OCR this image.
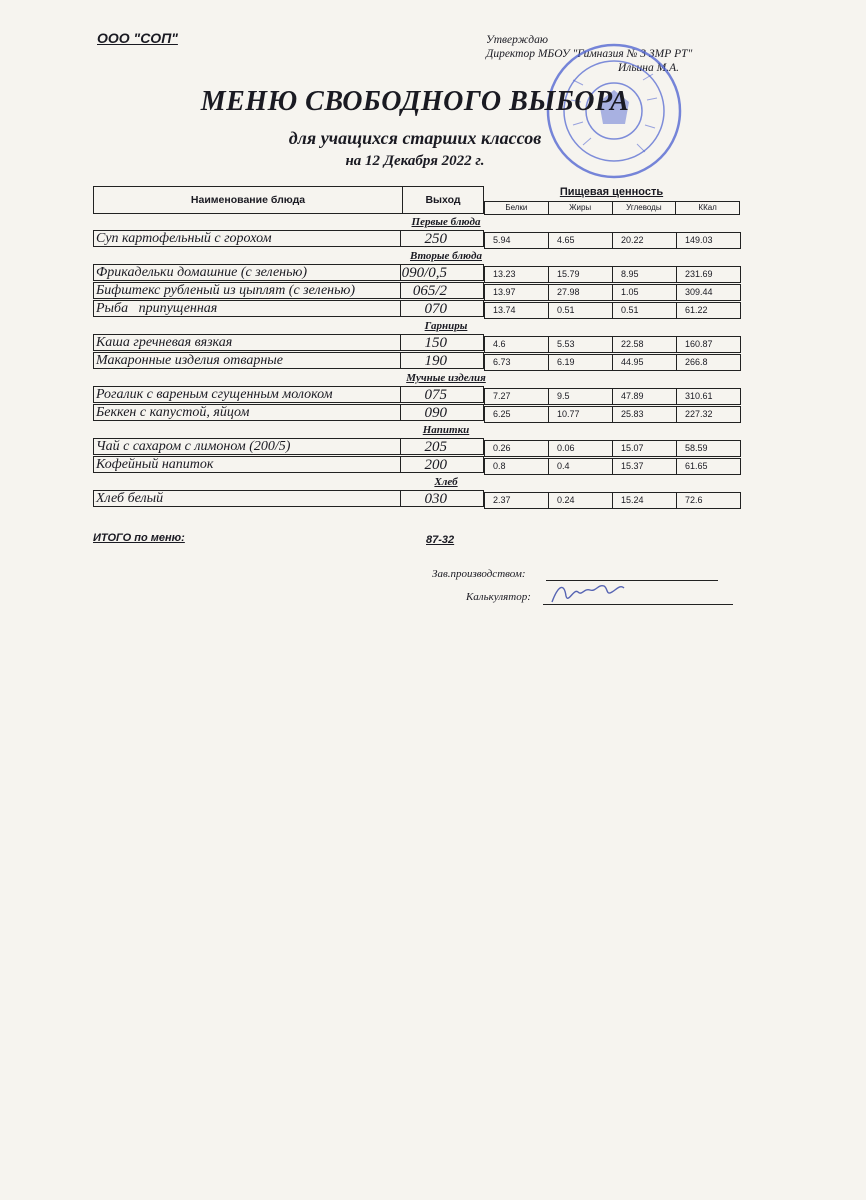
ООО "СОП"	Утверждаю
Директор МБОУ "Гимназия № 3 ЗМР РТ"
Ильина М.А.
МЕНЮ СВОБОДНОГО ВЫБОРА
для учащихся старших классов
на 12 Декабря 2022 г.
Наименование блюда	Выход
Пищевая ценность
Белки	Жиры	Углеводы	ККал
Первые блюда
Суп картофельный с горохом	250	5.94	4.65	20.22	149.03
Вторые блюда
Фрикадельки домашние (с зеленью)	090/0,5	13.23	15.79	8.95	231.69
Бифштекс рубленый из цыплят (с зеленью)	065/2	13.97	27.98	1.05	309.44
Рыба   припущенная	070	13.74	0.51	0.51	61.22
Гарниры
Каша гречневая вязкая	150	4.6	5.53	22.58	160.87
Макаронные изделия отварные	190	6.73	6.19	44.95	266.8
Мучные изделия
Рогалик с вареным сгущенным молоком	075	7.27	9.5	47.89	310.61
Беккен с капустой, яйцом	090	6.25	10.77	25.83	227.32
Напитки
Чай с сахаром с лимоном (200/5)	205	0.26	0.06	15.07	58.59
Кофейный напиток	200	0.8	0.4	15.37	61.65
Хлеб
Хлеб белый	030	2.37	0.24	15.24	72.6
ИТОГО по меню:	87-32
Зав.производством:
Калькулятор:
